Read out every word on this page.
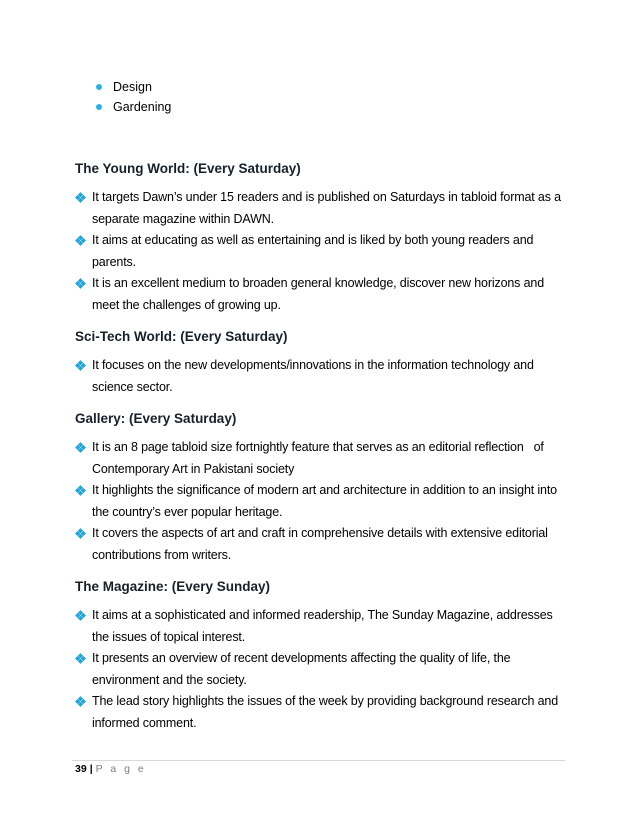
Design
Gardening
The Young World: (Every Saturday)
It targets Dawn’s under 15 readers and is published on Saturdays in tabloid format as a separate magazine within DAWN.
It aims at educating as well as entertaining and is liked by both young readers and parents.
It is an excellent medium to broaden general knowledge, discover new horizons and meet the challenges of growing up.
Sci-Tech World: (Every Saturday)
It focuses on the new developments/innovations in the information technology and science sector.
Gallery: (Every Saturday)
It is an 8 page tabloid size fortnightly feature that serves as an editorial reflection   of Contemporary Art in Pakistani society
It highlights the significance of modern art and architecture in addition to an insight into the country’s ever popular heritage.
It covers the aspects of art and craft in comprehensive details with extensive editorial contributions from writers.
The Magazine: (Every Sunday)
It aims at a sophisticated and informed readership, The Sunday Magazine, addresses the issues of topical interest.
It presents an overview of recent developments affecting the quality of life, the environment and the society.
The lead story highlights the issues of the week by providing background research and informed comment.
39 | P a g e
